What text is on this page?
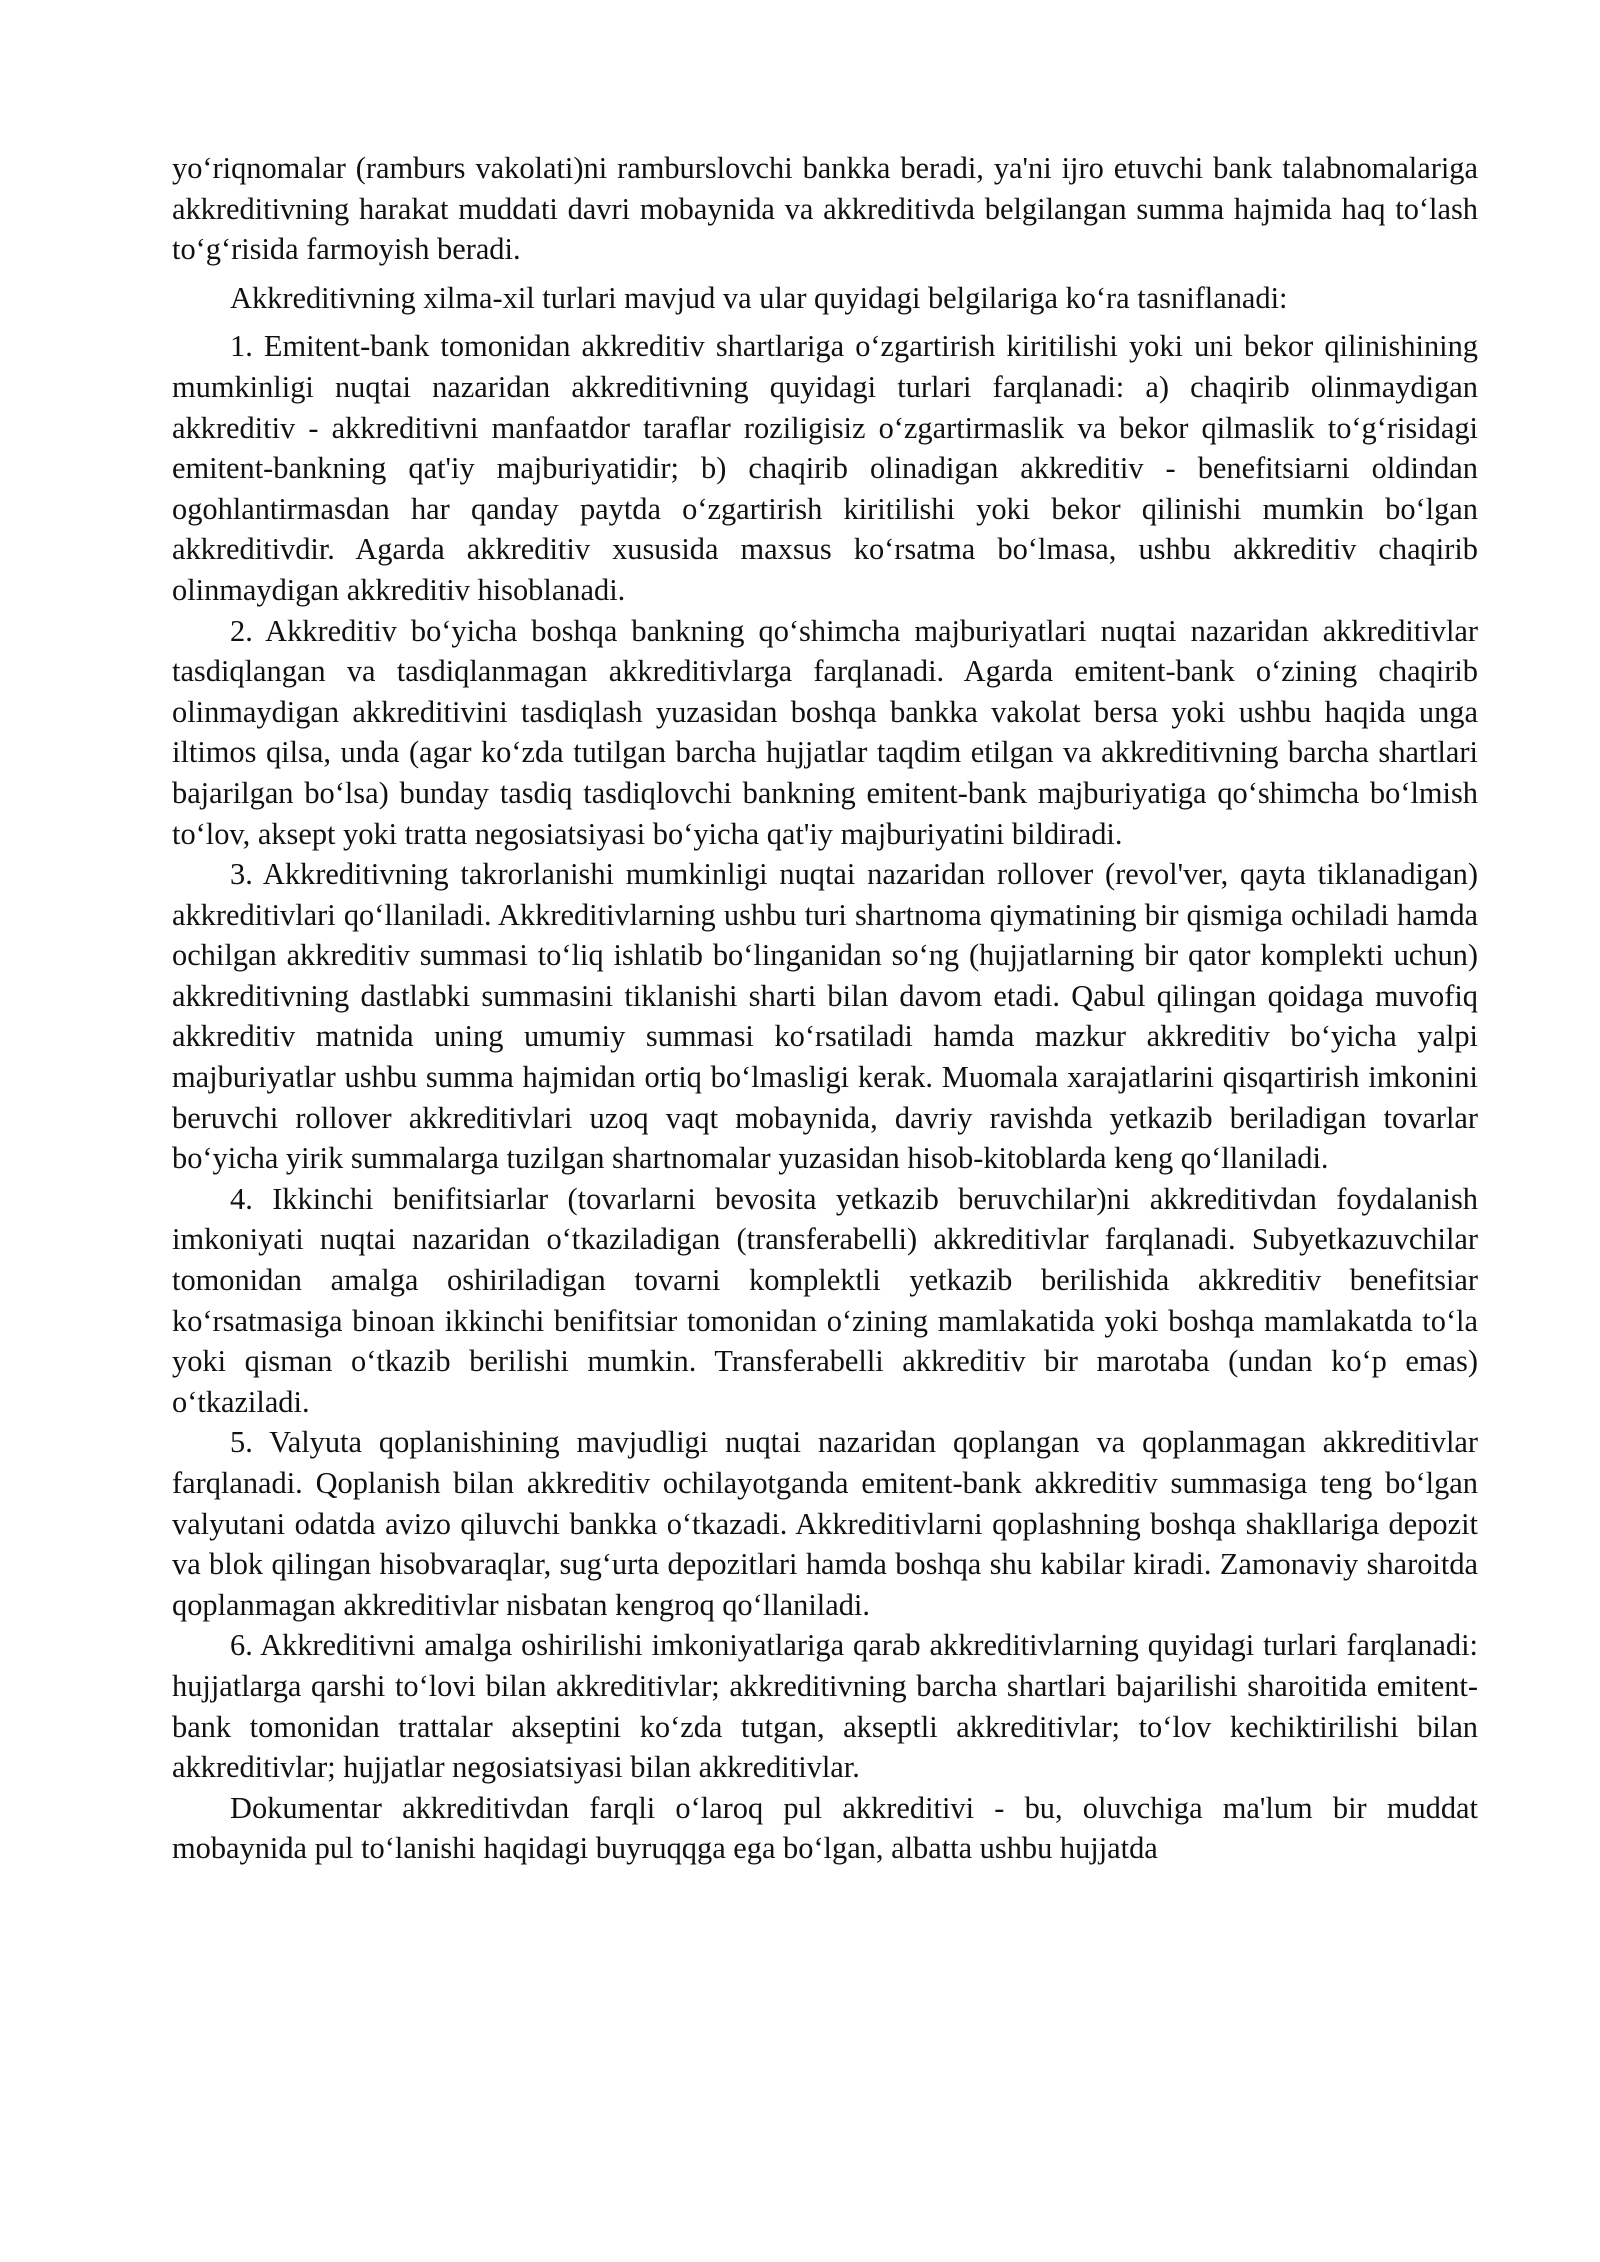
yo‘riqnomalar (ramburs vakolati)ni ramburslovchi bankka beradi, ya'ni ijro etuvchi bank talabnomalariga akkreditivning harakat muddati davri mobaynida va akkreditivda belgilangan summa hajmida haq to‘lash to‘g‘risida farmoyish beradi.

Akkreditivning xilma-xil turlari mavjud va ular quyidagi belgilariga ko‘ra tasniflanadi:

1. Emitent-bank tomonidan akkreditiv shartlariga o‘zgartirish kiritilishi yoki uni bekor qilinishining mumkinligi nuqtai nazaridan akkreditivning quyidagi turlari farqlanadi: a) chaqirib olinmaydigan akkreditiv - akkreditivni manfaatdor taraflar roziligisiz o‘zgartirmaslik va bekor qilmaslik to‘g‘risidagi emitent-bankning qat'iy majburiyatidir; b) chaqirib olinadigan akkreditiv - benefitsiarni oldindan ogohlantirmasdan har qanday paytda o‘zgartirish kiritilishi yoki bekor qilinishi mumkin bo‘lgan akkreditivdir. Agarda akkreditiv xususida maxsus ko‘rsatma bo‘lmasa, ushbu akkreditiv chaqirib olinmaydigan akkreditiv hisoblanadi.

2. Akkreditiv bo‘yicha boshqa bankning qo‘shimcha majburiyatlari nuqtai nazaridan akkreditivlar tasdiqlangan va tasdiqlanmagan akkreditivlarga farqlanadi. Agarda emitent-bank o‘zining chaqirib olinmaydigan akkreditivini tasdiqlash yuzasidan boshqa bankka vakolat bersa yoki ushbu haqida unga iltimos qilsa, unda (agar ko‘zda tutilgan barcha hujjatlar taqdim etilgan va akkreditivning barcha shartlari bajarilgan bo‘lsa) bunday tasdiq tasdiqlovchi bankning emitent-bank majburiyatiga qo‘shimcha bo‘lmish to‘lov, aksept yoki tratta negosiatsiyasi bo‘yicha qat'iy majburiyatini bildiradi.

3. Akkreditivning takrorlanishi mumkinligi nuqtai nazaridan rollover (revol'ver, qayta tiklanadigan) akkreditivlari qo‘llaniladi. Akkreditivlarning ushbu turi shartnoma qiymatining bir qismiga ochiladi hamda ochilgan akkreditiv summasi to‘liq ishlatib bo‘linganidan so‘ng (hujjatlarning bir qator komplekti uchun) akkreditivning dastlabki summasini tiklanishi sharti bilan davom etadi. Qabul qilingan qoidaga muvofiq akkreditiv matnida uning umumiy summasi ko‘rsatiladi hamda mazkur akkreditiv bo‘yicha yalpi majburiyatlar ushbu summa hajmidan ortiq bo‘lmasligi kerak. Muomala xarajatlarini qisqartirish imkonini beruvchi rollover akkreditivlari uzoq vaqt mobaynida, davriy ravishda yetkazib beriladigan tovarlar bo‘yicha yirik summalarga tuzilgan shartnomalar yuzasidan hisob-kitoblarda keng qo‘llaniladi.

4. Ikkinchi benifitsiarlar (tovarlarni bevosita yetkazib beruvchilar)ni akkreditivdan foydalanish imkoniyati nuqtai nazaridan o‘tkaziladigan (transferabelli) akkreditivlar farqlanadi. Subyetkazuvchilar tomonidan amalga oshiriladigan tovarni komplektli yetkazib berilishida akkreditiv benefitsiar ko‘rsatmasiga binoan ikkinchi benifitsiar tomonidan o‘zining mamlakatida yoki boshqa mamlakatda to‘la yoki qisman o‘tkazib berilishi mumkin. Transferabelli akkreditiv bir marotaba (undan ko‘p emas) o‘tkaziladi.

5. Valyuta qoplanishining mavjudligi nuqtai nazaridan qoplangan va qoplanmagan akkreditivlar farqlanadi. Qoplanish bilan akkreditiv ochilayotganda emitent-bank akkreditiv summasiga teng bo‘lgan valyutani odatda avizo qiluvchi bankka o‘tkazadi. Akkreditivlarni qoplashning boshqa shakllariga depozit va blok qilingan hisobvaraqlar, sug‘urta depozitlari hamda boshqa shu kabilar kiradi. Zamonaviy sharoitda qoplanmagan akkreditivlar nisbatan kengroq qo‘llaniladi.

6. Akkreditivni amalga oshirilishi imkoniyatlariga qarab akkreditivlarning quyidagi turlari farqlanadi: hujjatlarga qarshi to‘lovi bilan akkreditivlar; akkreditivning barcha shartlari bajarilishi sharoitida emitent-bank tomonidan trattalar akseptini ko‘zda tutgan, akseptli akkreditivlar; to‘lov kechiktirilishi bilan akkreditivlar; hujjatlar negosiatsiyasi bilan akkreditivlar.

Dokumentar akkreditivdan farqli o‘laroq pul akkreditivi - bu, oluvchiga ma'lum bir muddat mobaynida pul to‘lanishi haqidagi buyruqqga ega bo‘lgan, albatta ushbu hujjatda
